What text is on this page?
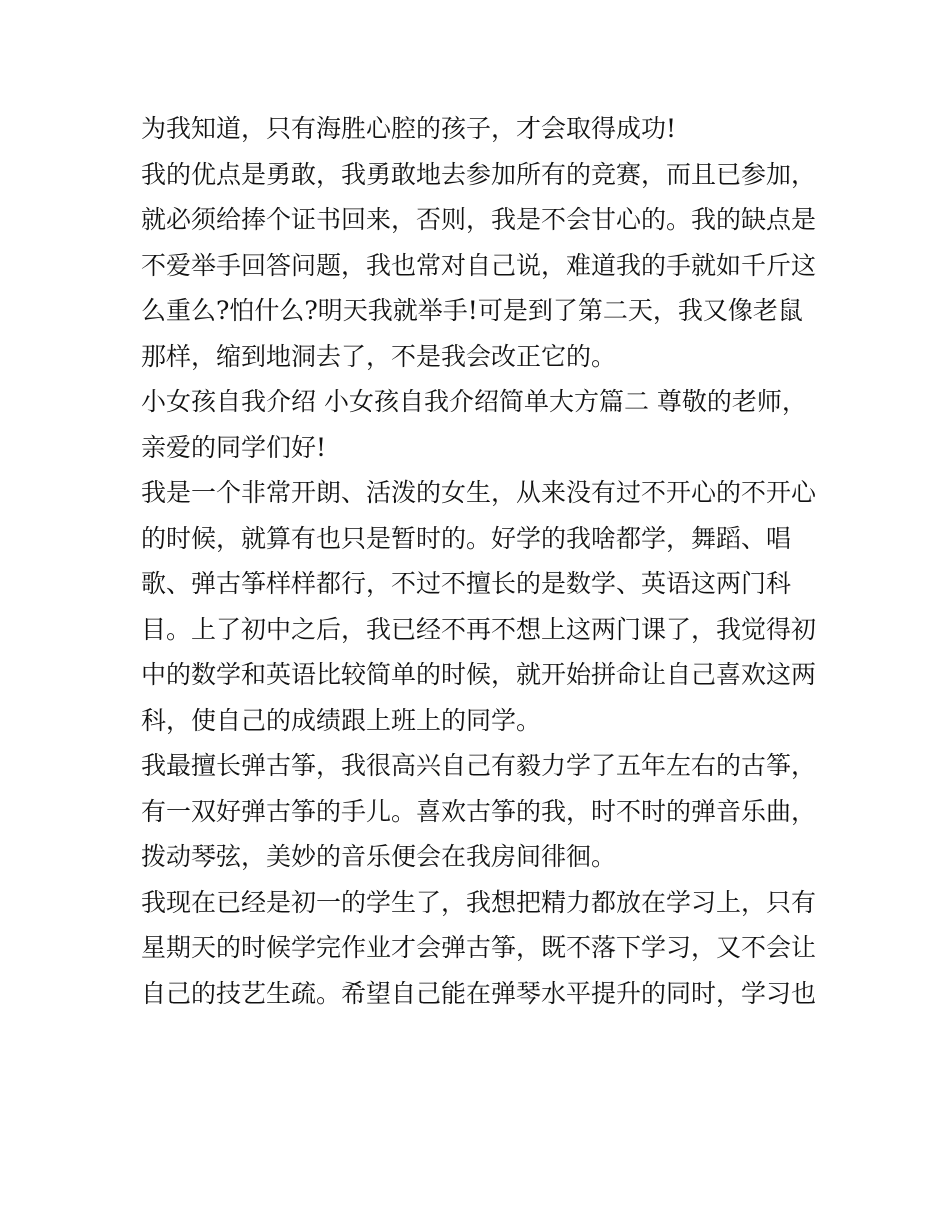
为我知道，只有海胜心腔的孩子，才会取得成功!
我的优点是勇敢，我勇敢地去参加所有的竞赛，而且已参加，
就必须给捧个证书回来，否则，我是不会甘心的。我的缺点是
不爱举手回答问题，我也常对自己说，难道我的手就如千斤这
么重么?怕什么?明天我就举手!可是到了第二天，我又像老鼠
那样，缩到地洞去了，不是我会改正它的。
小女孩自我介绍 小女孩自我介绍简单大方篇二 尊敬的老师，
亲爱的同学们好!
我是一个非常开朗、活泼的女生，从来没有过不开心的不开心
的时候，就算有也只是暂时的。好学的我啥都学，舞蹈、唱
歌、弹古筝样样都行，不过不擅长的是数学、英语这两门科
目。上了初中之后，我已经不再不想上这两门课了，我觉得初
中的数学和英语比较简单的时候，就开始拼命让自己喜欢这两
科，使自己的成绩跟上班上的同学。
我最擅长弹古筝，我很高兴自己有毅力学了五年左右的古筝，
有一双好弹古筝的手儿。喜欢古筝的我，时不时的弹音乐曲，
拨动琴弦，美妙的音乐便会在我房间徘徊。
我现在已经是初一的学生了，我想把精力都放在学习上，只有
星期天的时候学完作业才会弹古筝，既不落下学习，又不会让
自己的技艺生疏。希望自己能在弹琴水平提升的同时，学习也
